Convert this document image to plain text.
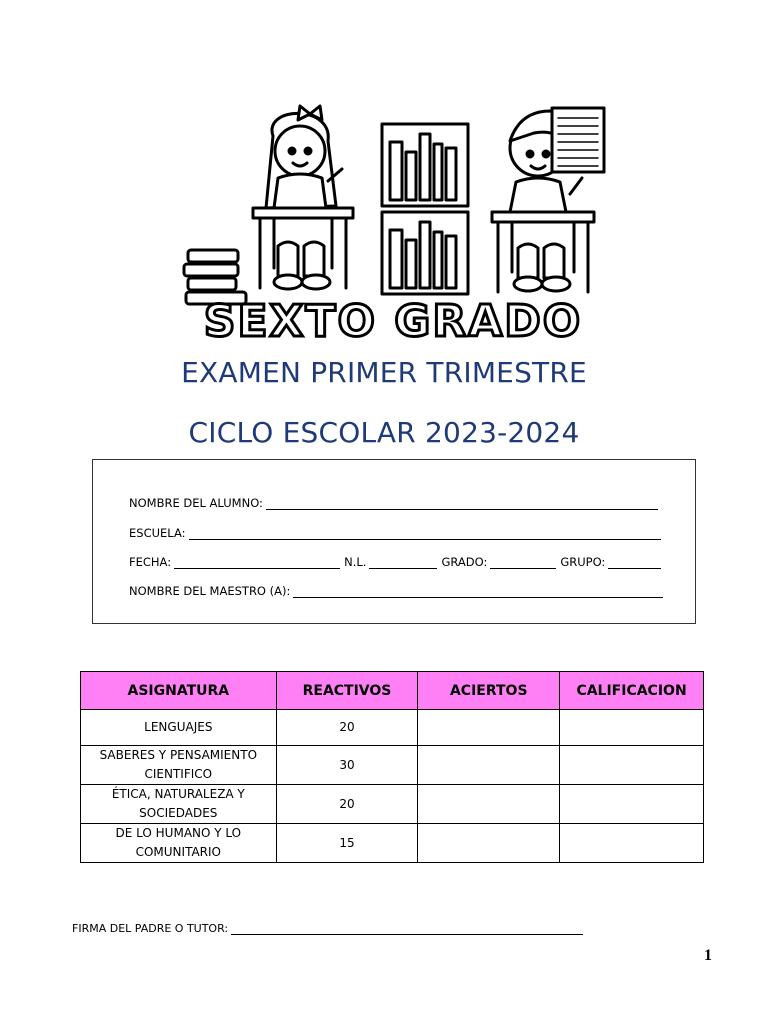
SEXTO GRADO
EXAMEN PRIMER TRIMESTRE
CICLO ESCOLAR 2023-2024
NOMBRE DEL ALUMNO:
ESCUELA:
FECHA:	N.L.	GRADO:	GRUPO:
NOMBRE DEL MAESTRO (A):
ASIGNATURA	REACTIVOS	ACIERTOS	CALIFICACION
LENGUAJES	20		
SABERES Y PENSAMIENTO CIENTIFICO	30		
ÉTICA, NATURALEZA Y SOCIEDADES	20		
DE LO HUMANO Y LO COMUNITARIO	15		
FIRMA DEL PADRE O TUTOR:
1
